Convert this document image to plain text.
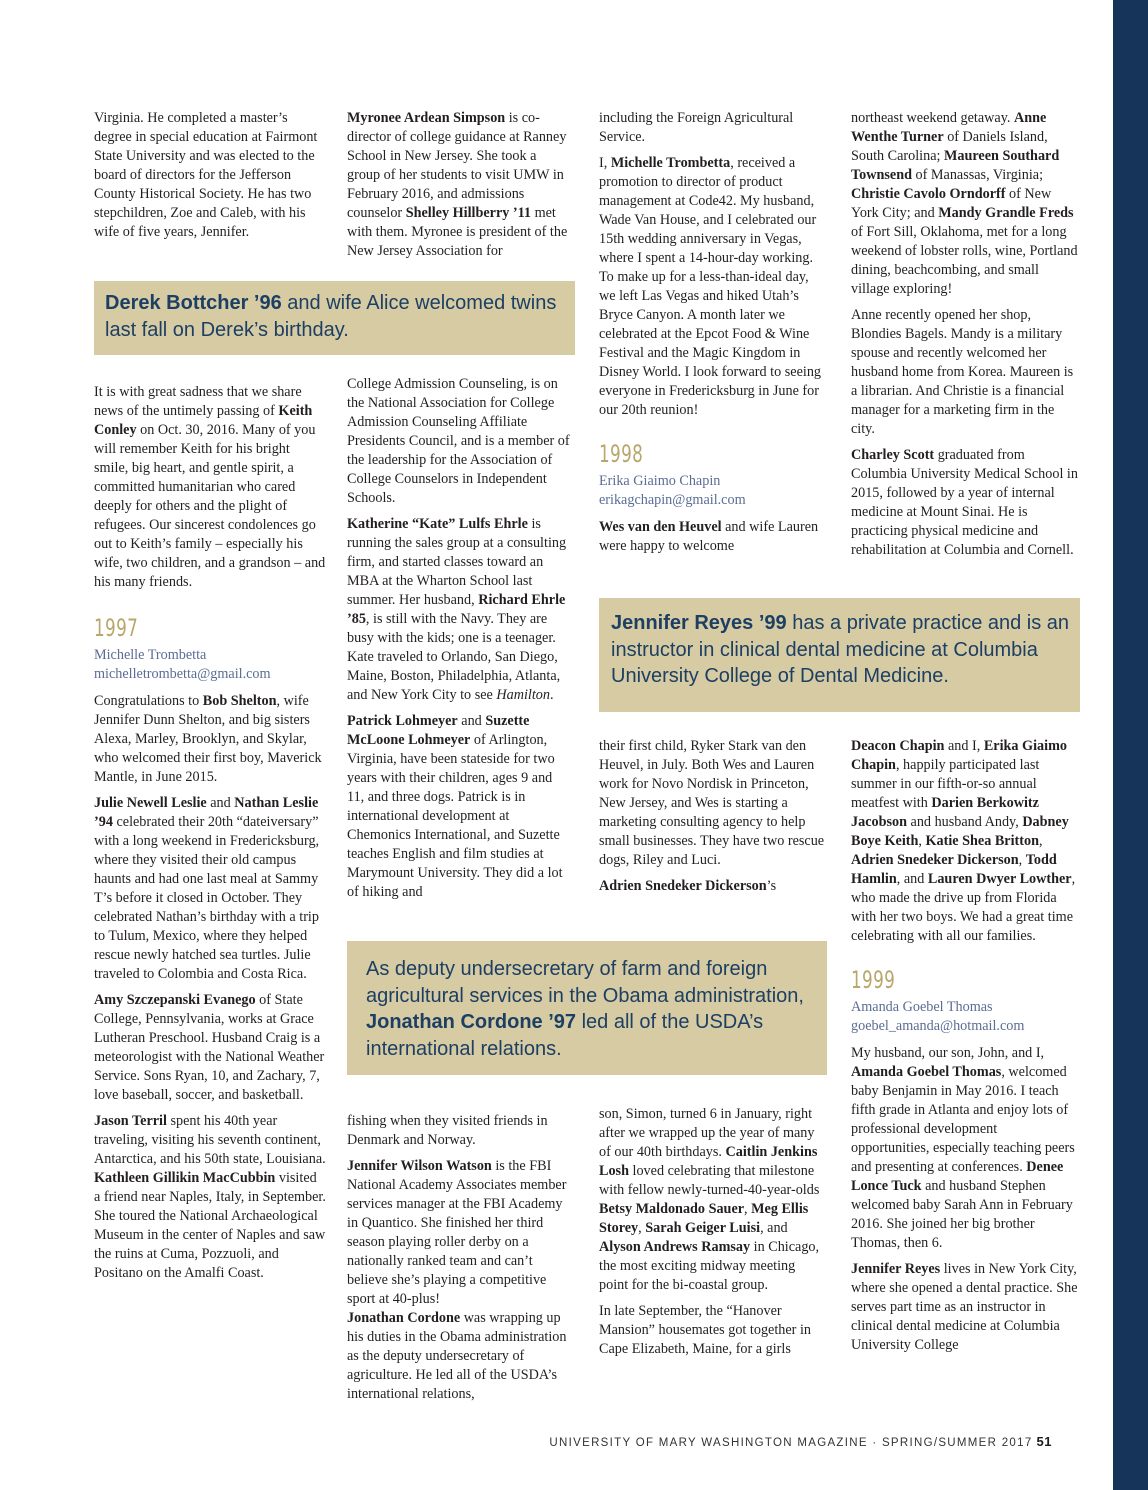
Virginia. He completed a master’s degree in special education at Fairmont State University and was elected to the board of directors for the Jefferson County Historical Society. He has two stepchildren, Zoe and Caleb, with his wife of five years, Jennifer.

Myronee Ardean Simpson is co-director of college guidance at Ranney School in New Jersey. She took a group of her students to visit UMW in February 2016, and admissions counselor Shelley Hillberry ’11 met with them. Myronee is president of the New Jersey Association for

Derek Bottcher ’96 and wife Alice welcomed twins last fall on Derek’s birthday.

It is with great sadness that we share news of the untimely passing of Keith Conley on Oct. 30, 2016. Many of you will remember Keith for his bright smile, big heart, and gentle spirit, a committed humanitarian who cared deeply for others and the plight of refugees. Our sincerest condolences go out to Keith’s family – especially his wife, two children, and a grandson – and his many friends.

1997
Michelle Trombetta
michelletrombetta@gmail.com

Congratulations to Bob Shelton, wife Jennifer Dunn Shelton, and big sisters Alexa, Marley, Brooklyn, and Skylar, who welcomed their first boy, Maverick Mantle, in June 2015.

Julie Newell Leslie and Nathan Leslie ’94 celebrated their 20th “dateiversary” with a long weekend in Fredericksburg, where they visited their old campus haunts and had one last meal at Sammy T’s before it closed in October. They celebrated Nathan’s birthday with a trip to Tulum, Mexico, where they helped rescue newly hatched sea turtles. Julie traveled to Colombia and Costa Rica.

Amy Szczepanski Evanego of State College, Pennsylvania, works at Grace Lutheran Preschool. Husband Craig is a meteorologist with the National Weather Service. Sons Ryan, 10, and Zachary, 7, love baseball, soccer, and basketball.

Jason Terril spent his 40th year traveling, visiting his seventh continent, Antarctica, and his 50th state, Louisiana. Kathleen Gillikin MacCubbin visited a friend near Naples, Italy, in September. She toured the National Archaeological Museum in the center of Naples and saw the ruins at Cuma, Pozzuoli, and Positano on the Amalfi Coast.

College Admission Counseling, is on the National Association for College Admission Counseling Affiliate Presidents Council, and is a member of the leadership for the Association of College Counselors in Independent Schools.

Katherine “Kate” Lulfs Ehrle is running the sales group at a consulting firm, and started classes toward an MBA at the Wharton School last summer. Her husband, Richard Ehrle ’85, is still with the Navy. They are busy with the kids; one is a teenager. Kate traveled to Orlando, San Diego, Maine, Boston, Philadelphia, Atlanta, and New York City to see Hamilton.

Patrick Lohmeyer and Suzette McLoone Lohmeyer of Arlington, Virginia, have been stateside for two years with their children, ages 9 and 11, and three dogs. Patrick is in international development at Chemonics International, and Suzette teaches English and film studies at Marymount University. They did a lot of hiking and

including the Foreign Agricultural Service.

I, Michelle Trombetta, received a promotion to director of product management at Code42. My husband, Wade Van House, and I celebrated our 15th wedding anniversary in Vegas, where I spent a 14-hour-day working. To make up for a less-than-ideal day, we left Las Vegas and hiked Utah’s Bryce Canyon. A month later we celebrated at the Epcot Food & Wine Festival and the Magic Kingdom in Disney World. I look forward to seeing everyone in Fredericksburg in June for our 20th reunion!

1998
Erika Giaimo Chapin
erikagchapin@gmail.com

Wes van den Heuvel and wife Lauren were happy to welcome

northeast weekend getaway. Anne Wenthe Turner of Daniels Island, South Carolina; Maureen Southard Townsend of Manassas, Virginia; Christie Cavolo Orndorff of New York City; and Mandy Grandle Freds of Fort Sill, Oklahoma, met for a long weekend of lobster rolls, wine, Portland dining, beachcombing, and small village exploring!

Anne recently opened her shop, Blondies Bagels. Mandy is a military spouse and recently welcomed her husband home from Korea. Maureen is a librarian. And Christie is a financial manager for a marketing firm in the city.

Charley Scott graduated from Columbia University Medical School in 2015, followed by a year of internal medicine at Mount Sinai. He is practicing physical medicine and rehabilitation at Columbia and Cornell.

Jennifer Reyes ’99 has a private practice and is an instructor in clinical dental medicine at Columbia University College of Dental Medicine.

their first child, Ryker Stark van den Heuvel, in July. Both Wes and Lauren work for Novo Nordisk in Princeton, New Jersey, and Wes is starting a marketing consulting agency to help small businesses. They have two rescue dogs, Riley and Luci.

Adrien Snedeker Dickerson’s

Deacon Chapin and I, Erika Giaimo Chapin, happily participated last summer in our fifth-or-so annual meatfest with Darien Berkowitz Jacobson and husband Andy, Dabney Boye Keith, Katie Shea Britton, Adrien Snedeker Dickerson, Todd Hamlin, and Lauren Dwyer Lowther, who made the drive up from Florida with her two boys. We had a great time celebrating with all our families.

1999
Amanda Goebel Thomas
goebel_amanda@hotmail.com

My husband, our son, John, and I, Amanda Goebel Thomas, welcomed baby Benjamin in May 2016. I teach fifth grade in Atlanta and enjoy lots of professional development opportunities, especially teaching peers and presenting at conferences. Denee Lonce Tuck and husband Stephen welcomed baby Sarah Ann in February 2016. She joined her big brother Thomas, then 6.

Jennifer Reyes lives in New York City, where she opened a dental practice. She serves part time as an instructor in clinical dental medicine at Columbia University College

As deputy undersecretary of farm and foreign agricultural services in the Obama administration, Jonathan Cordone ’97 led all of the USDA’s international relations.

fishing when they visited friends in Denmark and Norway.

Jennifer Wilson Watson is the FBI National Academy Associates member services manager at the FBI Academy in Quantico. She finished her third season playing roller derby on a nationally ranked team and can’t believe she’s playing a competitive sport at 40-plus!

Jonathan Cordone was wrapping up his duties in the Obama administration as the deputy undersecretary of agriculture. He led all of the USDA’s international relations,

son, Simon, turned 6 in January, right after we wrapped up the year of many of our 40th birthdays. Caitlin Jenkins Losh loved celebrating that milestone with fellow newly-turned-40-year-olds Betsy Maldonado Sauer, Meg Ellis Storey, Sarah Geiger Luisi, and Alyson Andrews Ramsay in Chicago, the most exciting midway meeting point for the bi-coastal group.

In late September, the “Hanover Mansion” housemates got together in Cape Elizabeth, Maine, for a girls

UNIVERSITY OF MARY WASHINGTON MAGAZINE · SPRING/SUMMER 2017 51
